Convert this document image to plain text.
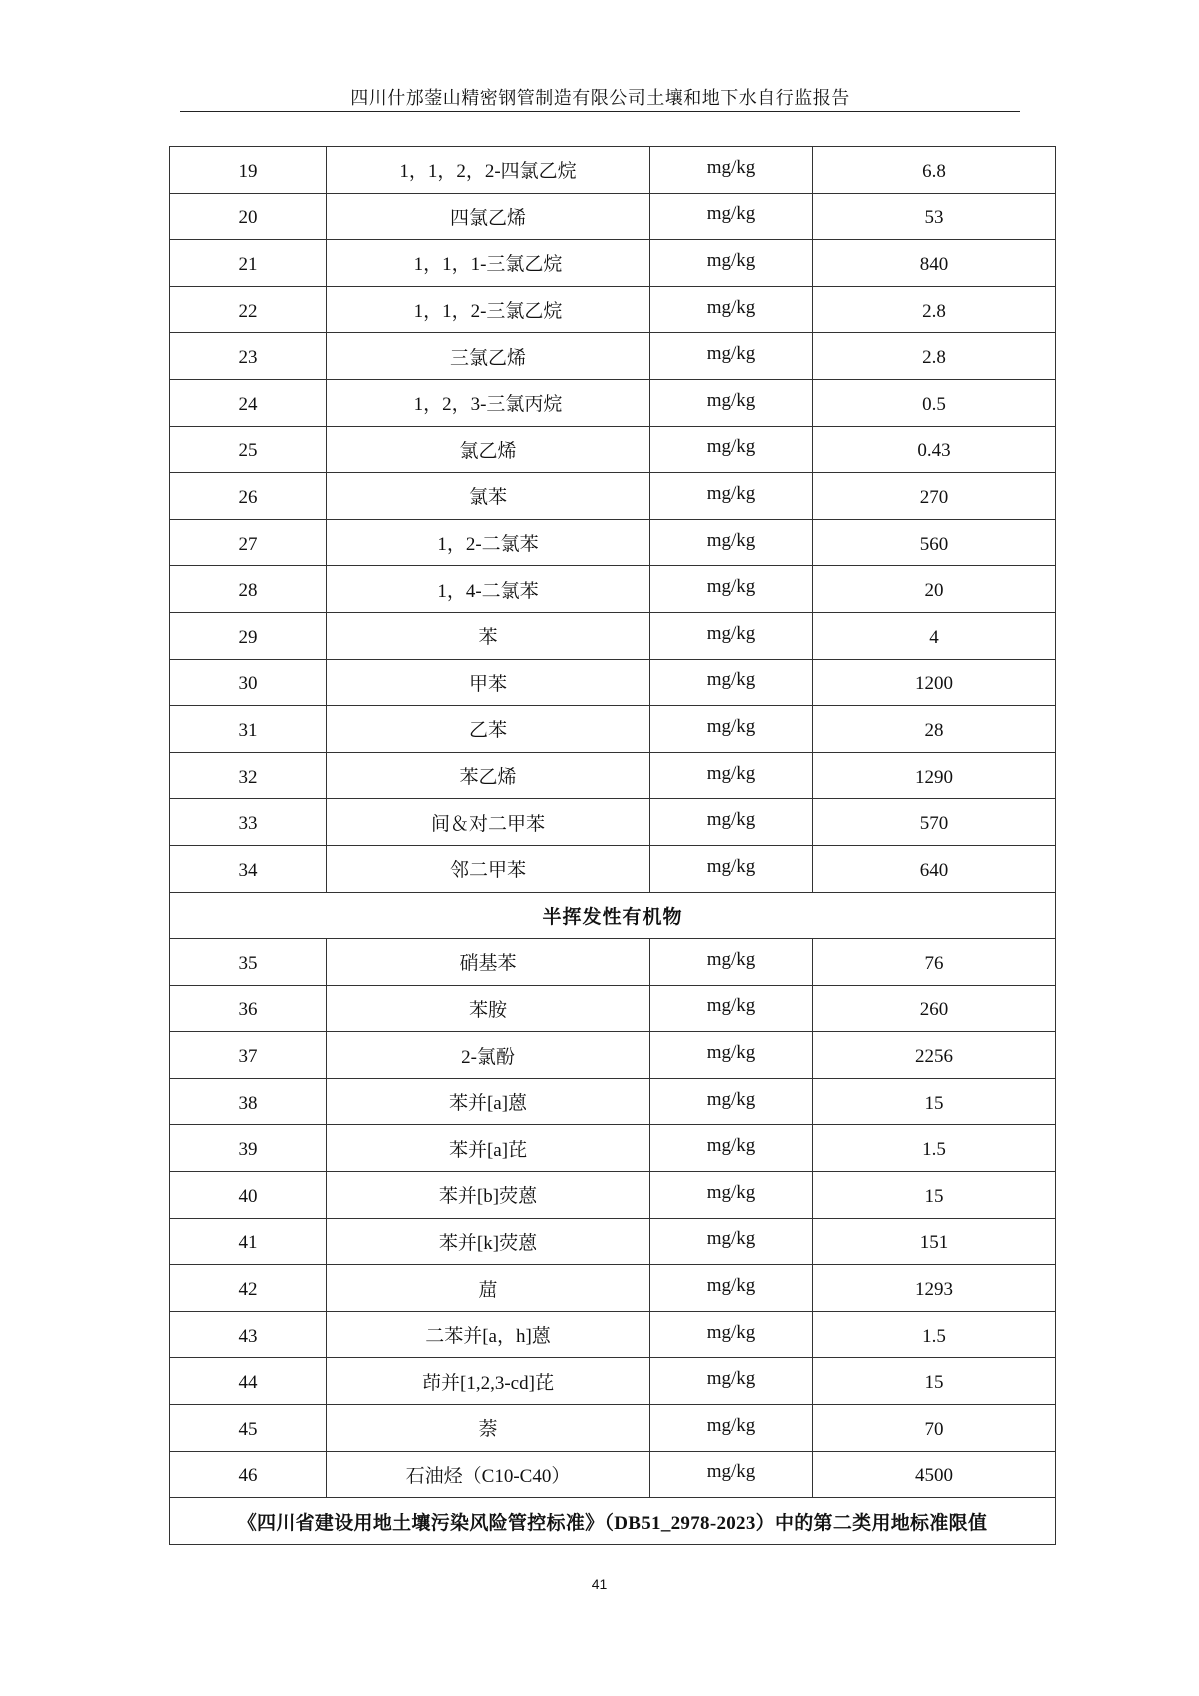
四川什邡蓥山精密钢管制造有限公司土壤和地下水自行监报告
19	1，1，2，2-四氯乙烷	mg/kg	6.8
20	四氯乙烯	mg/kg	53
21	1，1，1-三氯乙烷	mg/kg	840
22	1，1，2-三氯乙烷	mg/kg	2.8
23	三氯乙烯	mg/kg	2.8
24	1，2，3-三氯丙烷	mg/kg	0.5
25	氯乙烯	mg/kg	0.43
26	氯苯	mg/kg	270
27	1，2-二氯苯	mg/kg	560
28	1，4-二氯苯	mg/kg	20
29	苯	mg/kg	4
30	甲苯	mg/kg	1200
31	乙苯	mg/kg	28
32	苯乙烯	mg/kg	1290
33	间＆对二甲苯	mg/kg	570
34	邻二甲苯	mg/kg	640
半挥发性有机物			
35	硝基苯	mg/kg	76
36	苯胺	mg/kg	260
37	2-氯酚	mg/kg	2256
38	苯并[a]蒽	mg/kg	15
39	苯并[a]芘	mg/kg	1.5
40	苯并[b]荧蒽	mg/kg	15
41	苯并[k]荧蒽	mg/kg	151
42	䓛	mg/kg	1293
43	二苯并[a，h]蒽	mg/kg	1.5
44	茚并[1,2,3-cd]芘	mg/kg	15
45	萘	mg/kg	70
46	石油烃（C10-C40）	mg/kg	4500
《四川省建设用地土壤污染风险管控标准》（DB51_2978-2023）中的第二类用地标准限值			
41
